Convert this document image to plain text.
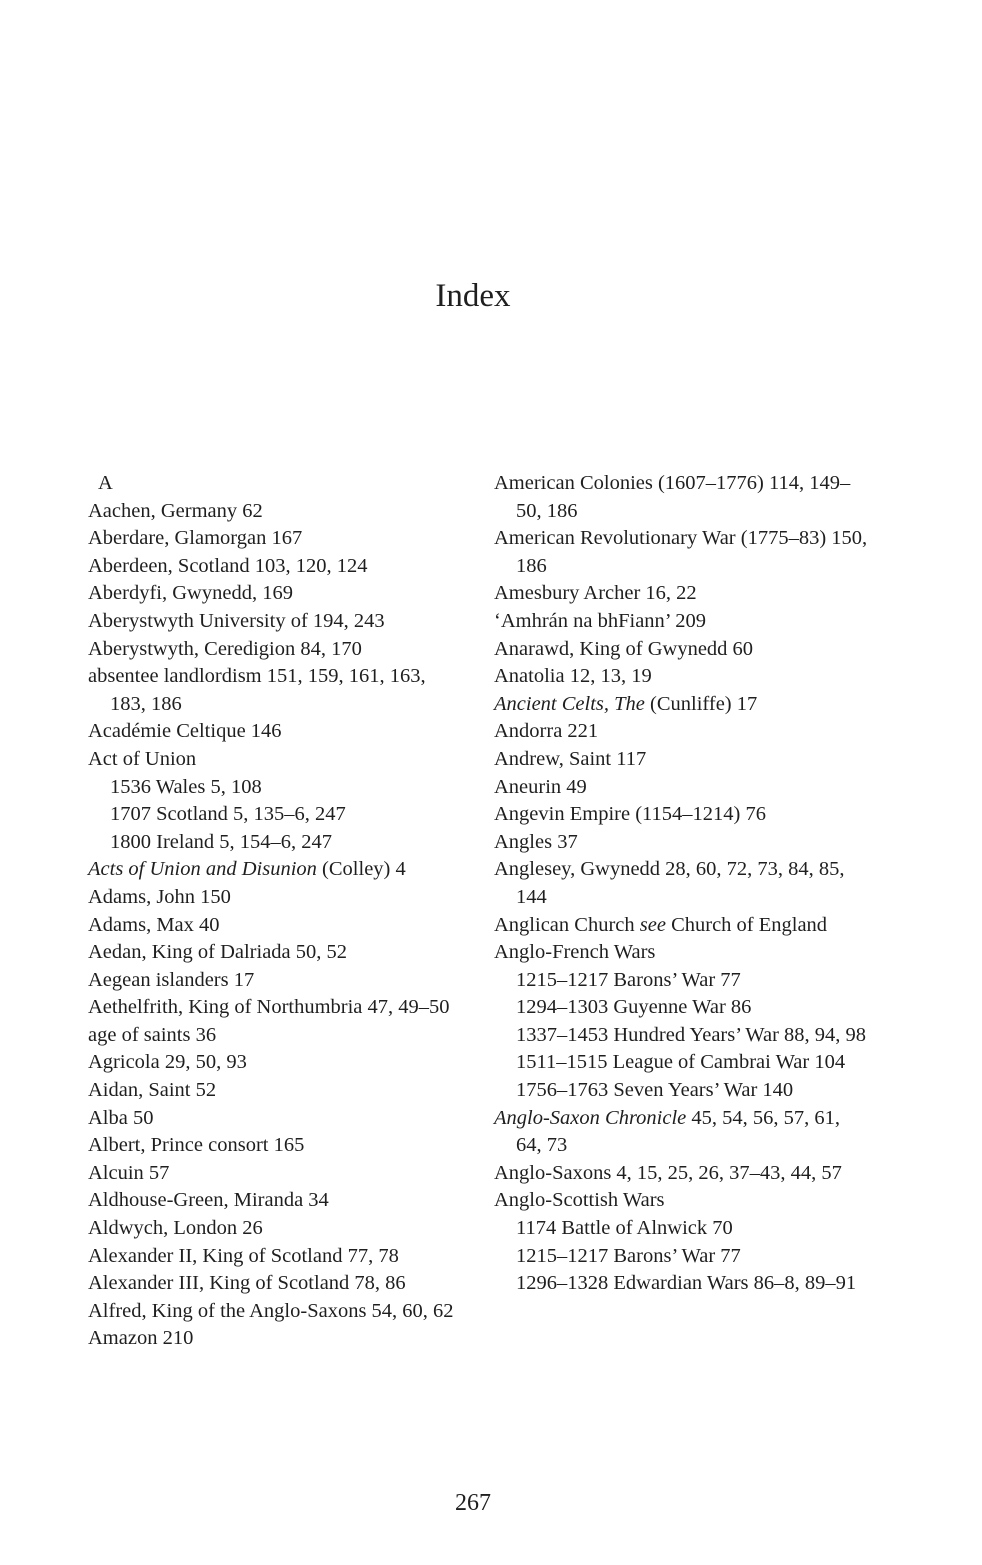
Index
A
Aachen, Germany 62
Aberdare, Glamorgan 167
Aberdeen, Scotland 103, 120, 124
Aberdyfi, Gwynedd, 169
Aberystwyth University of 194, 243
Aberystwyth, Ceredigion 84, 170
absentee landlordism 151, 159, 161, 163, 183, 186
Académie Celtique 146
Act of Union
1536 Wales 5, 108
1707 Scotland 5, 135–6, 247
1800 Ireland 5, 154–6, 247
Acts of Union and Disunion (Colley) 4
Adams, John 150
Adams, Max 40
Aedan, King of Dalriada 50, 52
Aegean islanders 17
Aethelfrith, King of Northumbria 47, 49–50
age of saints 36
Agricola 29, 50, 93
Aidan, Saint 52
Alba 50
Albert, Prince consort 165
Alcuin 57
Aldhouse-Green, Miranda 34
Aldwych, London 26
Alexander II, King of Scotland 77, 78
Alexander III, King of Scotland 78, 86
Alfred, King of the Anglo-Saxons 54, 60, 62
Amazon 210
American Colonies (1607–1776) 114, 149–50, 186
American Revolutionary War (1775–83) 150, 186
Amesbury Archer 16, 22
‘Amhrán na bhFiann’ 209
Anarawd, King of Gwynedd 60
Anatolia 12, 13, 19
Ancient Celts, The (Cunliffe) 17
Andorra 221
Andrew, Saint 117
Aneurin 49
Angevin Empire (1154–1214) 76
Angles 37
Anglesey, Gwynedd 28, 60, 72, 73, 84, 85, 144
Anglican Church see Church of England
Anglo-French Wars
1215–1217 Barons’ War 77
1294–1303 Guyenne War 86
1337–1453 Hundred Years’ War 88, 94, 98
1511–1515 League of Cambrai War 104
1756–1763 Seven Years’ War 140
Anglo-Saxon Chronicle 45, 54, 56, 57, 61, 64, 73
Anglo-Saxons 4, 15, 25, 26, 37–43, 44, 57
Anglo-Scottish Wars
1174 Battle of Alnwick 70
1215–1217 Barons’ War 77
1296–1328 Edwardian Wars 86–8, 89–91
267
